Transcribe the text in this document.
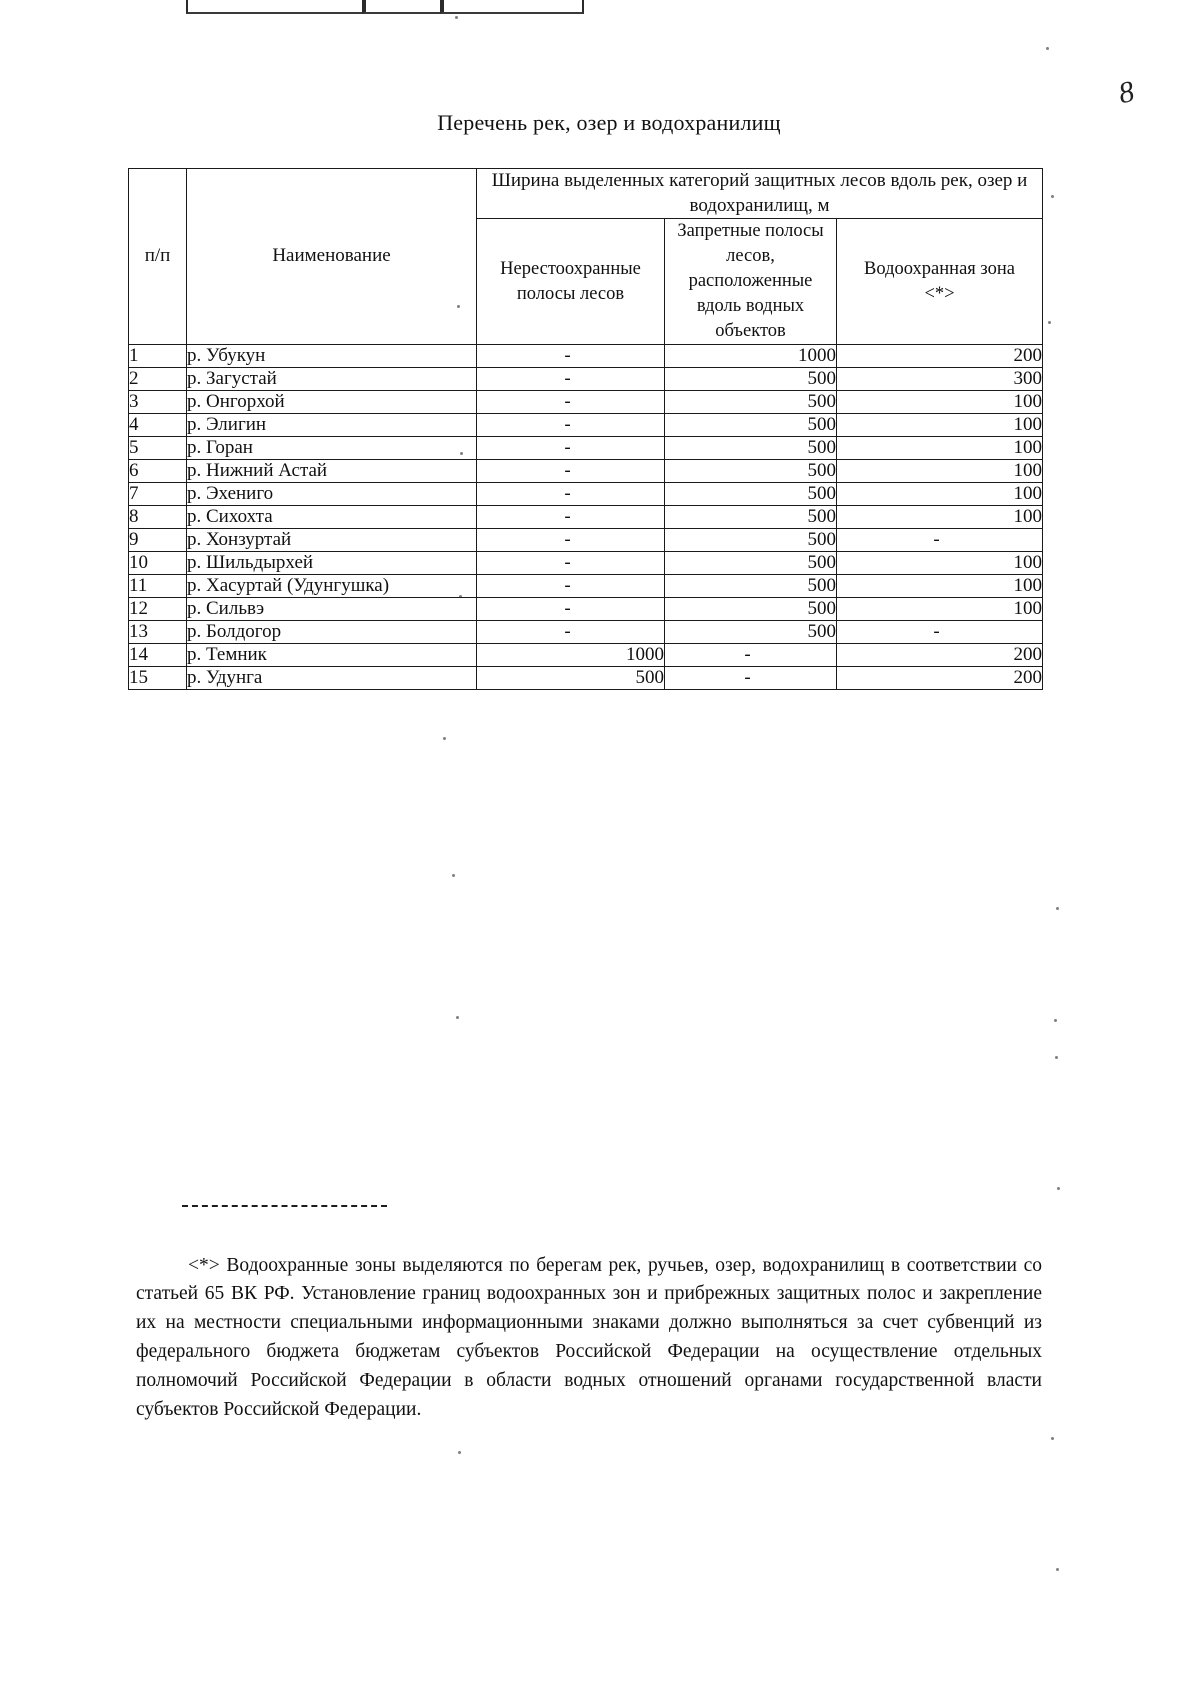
Перечень рек, озер и водохранилищ
п/п	Наименование	Ширина выделенных категорий защитных лесов вдоль рек, озер и водохранилищ, м		
		Нерестоохранные полосы лесов	Запретные полосы лесов, расположенные вдоль водных объектов	Водоохранная зона
<*>
1	р. Убукун	-	1000	200
2	р. Загустай	-	500	300
3	р. Онгорхой	-	500	100
4	р. Элигин	-	500	100
5	р. Горан	-	500	100
6	р. Нижний Астай	-	500	100
7	р. Эхениго	-	500	100
8	р. Сихохта	-	500	100
9	р. Хонзуртай	-	500	-
10	р. Шильдырхей	-	500	100
11	р. Хасуртай (Удунгушка)	-	500	100
12	р. Сильвэ	-	500	100
13	р. Болдогор	-	500	-
14	р. Темник	1000	-	200
15	р. Удунга	500	-	200

<*> Водоохранные зоны выделяются по берегам рек, ручьев, озер, водохранилищ в соответствии со статьей 65 ВК РФ. Установление границ водоохранных зон и прибрежных защитных полос и закрепление их на местности специальными информационными знаками должно выполняться за счет субвенций из федерального бюджета бюджетам субъектов Российской Федерации на осуществление отдельных полномочий Российской Федерации в области водных отношений органами государственной власти субъектов Российской Федерации.

8
